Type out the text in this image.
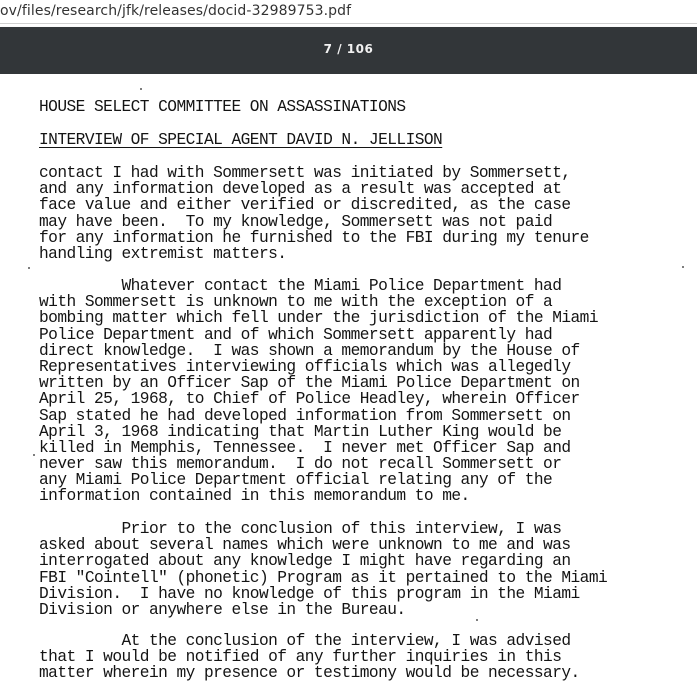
ov/files/research/jfk/releases/docid-32989753.pdf
7 / 106
HOUSE SELECT COMMITTEE ON ASSASSINATIONS
INTERVIEW OF SPECIAL AGENT DAVID N. JELLISON
contact I had with Sommersett was initiated by Sommersett,
and any information developed as a result was accepted at
face value and either verified or discredited, as the case
may have been.  To my knowledge, Sommersett was not paid
for any information he furnished to the FBI during my tenure
handling extremist matters.
Whatever contact the Miami Police Department had
with Sommersett is unknown to me with the exception of a
bombing matter which fell under the jurisdiction of the Miami
Police Department and of which Sommersett apparently had
direct knowledge.  I was shown a memorandum by the House of
Representatives interviewing officials which was allegedly
written by an Officer Sap of the Miami Police Department on
April 25, 1968, to Chief of Police Headley, wherein Officer
Sap stated he had developed information from Sommersett on
April 3, 1968 indicating that Martin Luther King would be
killed in Memphis, Tennessee.  I never met Officer Sap and
never saw this memorandum.  I do not recall Sommersett or
any Miami Police Department official relating any of the
information contained in this memorandum to me.
Prior to the conclusion of this interview, I was
asked about several names which were unknown to me and was
interrogated about any knowledge I might have regarding an
FBI "Cointell" (phonetic) Program as it pertained to the Miami
Division.  I have no knowledge of this program in the Miami
Division or anywhere else in the Bureau.
At the conclusion of the interview, I was advised
that I would be notified of any further inquiries in this
matter wherein my presence or testimony would be necessary.
